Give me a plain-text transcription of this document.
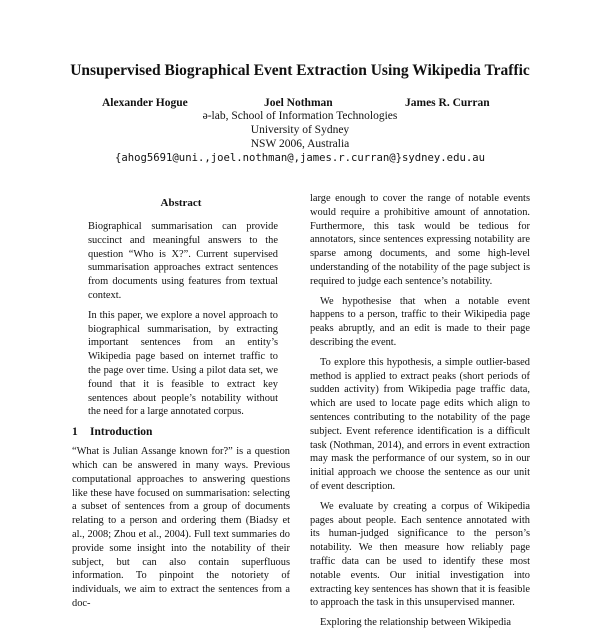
Unsupervised Biographical Event Extraction Using Wikipedia Traffic
Alexander Hogue	Joel Nothman	James R. Curran
ə-lab, School of Information Technologies
University of Sydney
NSW 2006, Australia
{ahog5691@uni.,joel.nothman@,james.r.curran@}sydney.edu.au
Abstract

Biographical summarisation can provide succinct and meaningful answers to the question “Who is X?”. Current supervised summarisation approaches extract sentences from documents using features from textual context.

In this paper, we explore a novel approach to biographical summarisation, by extracting important sentences from an entity’s Wikipedia page based on internet traffic to the page over time. Using a pilot data set, we found that it is feasible to extract key sentences about people’s notability without the need for a large annotated corpus.

1 Introduction

“What is Julian Assange known for?” is a question which can be answered in many ways. Previous computational approaches to answering questions like these have focused on summarisation: selecting a subset of sentences from a group of documents relating to a person and ordering them (Biadsy et al., 2008; Zhou et al., 2004). Full text summaries do provide some insight into the notability of their subject, but can also contain superfluous information. To pinpoint the notoriety of individuals, we aim to extract the sentences from a doc-

large enough to cover the range of notable events would require a prohibitive amount of annotation. Furthermore, this task would be tedious for annotators, since sentences expressing notability are sparse among documents, and some high-level understanding of the notability of the page subject is required to judge each sentence’s notability.

We hypothesise that when a notable event happens to a person, traffic to their Wikipedia page peaks abruptly, and an edit is made to their page describing the event.

To explore this hypothesis, a simple outlier-based method is applied to extract peaks (short periods of sudden activity) from Wikipedia page traffic data, which are used to locate page edits which align to sentences contributing to the notability of the page subject. Event reference identification is a difficult task (Nothman, 2014), and errors in event extraction may mask the performance of our system, so in our initial approach we choose the sentence as our unit of event description.

We evaluate by creating a corpus of Wikipedia pages about people. Each sentence annotated with its human-judged significance to the person’s notability. We then measure how reliably page traffic data can be used to identify these most notable events. Our initial investigation into extracting key sentences has shown that it is feasible to approach the task in this unsupervised manner.

Exploring the relationship between Wikipedia
